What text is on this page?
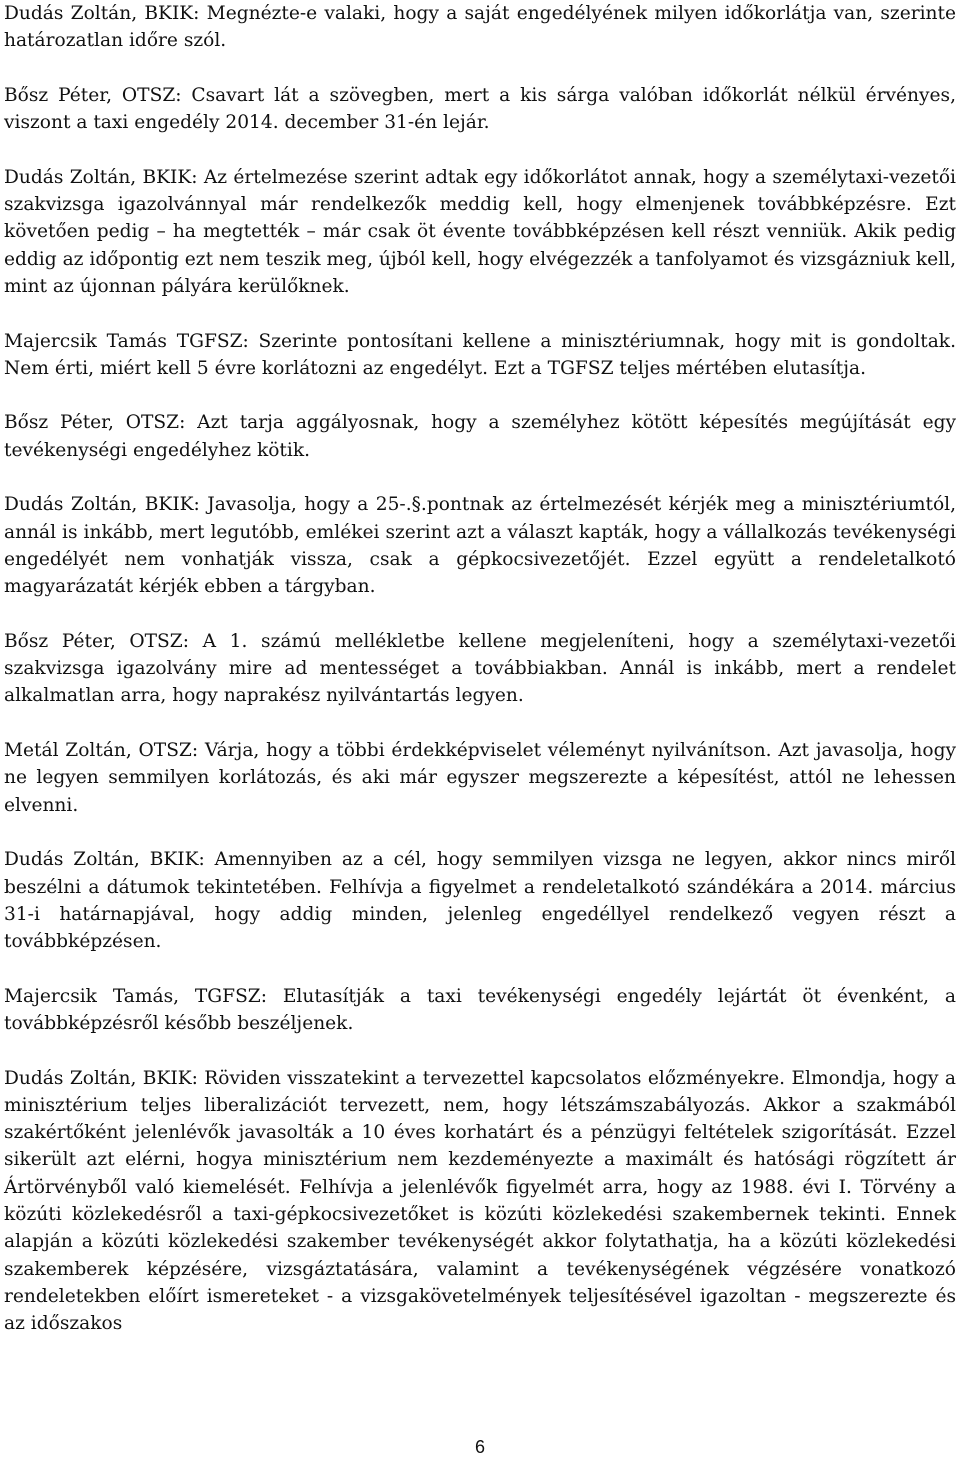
Dudás Zoltán, BKIK: Megnézte-e valaki, hogy a saját engedélyének milyen időkorlátja van, szerinte határozatlan időre szól.

Bősz Péter, OTSZ: Csavart lát a szövegben, mert a kis sárga valóban időkorlát nélkül érvényes, viszont a taxi engedély 2014. december 31-én lejár.

Dudás Zoltán, BKIK: Az értelmezése szerint adtak egy időkorlátot annak, hogy a személytaxi-vezetői szakvizsga igazolvánnyal már rendelkezők meddig kell, hogy elmenjenek továbbképzésre. Ezt követően pedig – ha megtették – már csak öt évente továbbképzésen kell részt venniük. Akik pedig eddig az időpontig ezt nem teszik meg, újból kell, hogy elvégezzék a tanfolyamot és vizsgázniuk kell, mint az újonnan pályára kerülőknek.

Majercsik Tamás TGFSZ: Szerinte pontosítani kellene a minisztériumnak, hogy mit is gondoltak. Nem érti, miért kell 5 évre korlátozni az engedélyt. Ezt a TGFSZ teljes mértében elutasítja.

Bősz Péter, OTSZ: Azt tarja aggályosnak, hogy a személyhez kötött képesítés megújítását egy tevékenységi engedélyhez kötik.

Dudás Zoltán, BKIK: Javasolja, hogy a 25-.§.pontnak az értelmezését kérjék meg a minisztériumtól, annál is inkább, mert legutóbb, emlékei szerint azt a választ kapták, hogy a vállalkozás tevékenységi engedélyét nem vonhatják vissza, csak a gépkocsivezetőjét. Ezzel együtt a rendeletalkotó magyarázatát kérjék ebben a tárgyban.

Bősz Péter, OTSZ: A 1. számú mellékletbe kellene megjeleníteni, hogy a személytaxi-vezetői szakvizsga igazolvány mire ad mentességet a továbbiakban. Annál is inkább, mert a rendelet alkalmatlan arra, hogy naprakész nyilvántartás legyen.

Metál Zoltán, OTSZ: Várja, hogy a többi érdekképviselet véleményt nyilvánítson. Azt javasolja, hogy ne legyen semmilyen korlátozás, és aki már egyszer megszerezte a képesítést, attól ne lehessen elvenni.

Dudás Zoltán, BKIK: Amennyiben az a cél, hogy semmilyen vizsga ne legyen, akkor nincs miről beszélni a dátumok tekintetében. Felhívja a figyelmet a rendeletalkotó szándékára a 2014. március 31-i határnapjával, hogy addig minden, jelenleg engedéllyel rendelkező vegyen részt a továbbképzésen.

Majercsik Tamás, TGFSZ: Elutasítják a taxi tevékenységi engedély lejártát öt évenként, a továbbképzésről később beszéljenek.

Dudás Zoltán, BKIK: Röviden visszatekint a tervezettel kapcsolatos előzményekre. Elmondja, hogy a minisztérium teljes liberalizációt tervezett, nem, hogy létszámszabályozás. Akkor a szakmából szakértőként jelenlévők javasolták a 10 éves korhatárt és a pénzügyi feltételek szigorítását. Ezzel sikerült azt elérni, hogya minisztérium nem kezdeményezte a maximált és hatósági rögzített ár Ártörvényből való kiemelését. Felhívja a jelenlévők figyelmét arra, hogy az 1988. évi I. Törvény a közúti közlekedésről a taxi-gépkocsivezetőket is közúti közlekedési szakembernek tekinti. Ennek alapján a közúti közlekedési szakember tevékenységét akkor folytathatja, ha a közúti közlekedési szakemberek képzésére, vizsgáztatására, valamint a tevékenységének végzésére vonatkozó rendeletekben előírt ismereteket - a vizsgakövetelmények teljesítésével igazoltan - megszerezte és az időszakos

6
